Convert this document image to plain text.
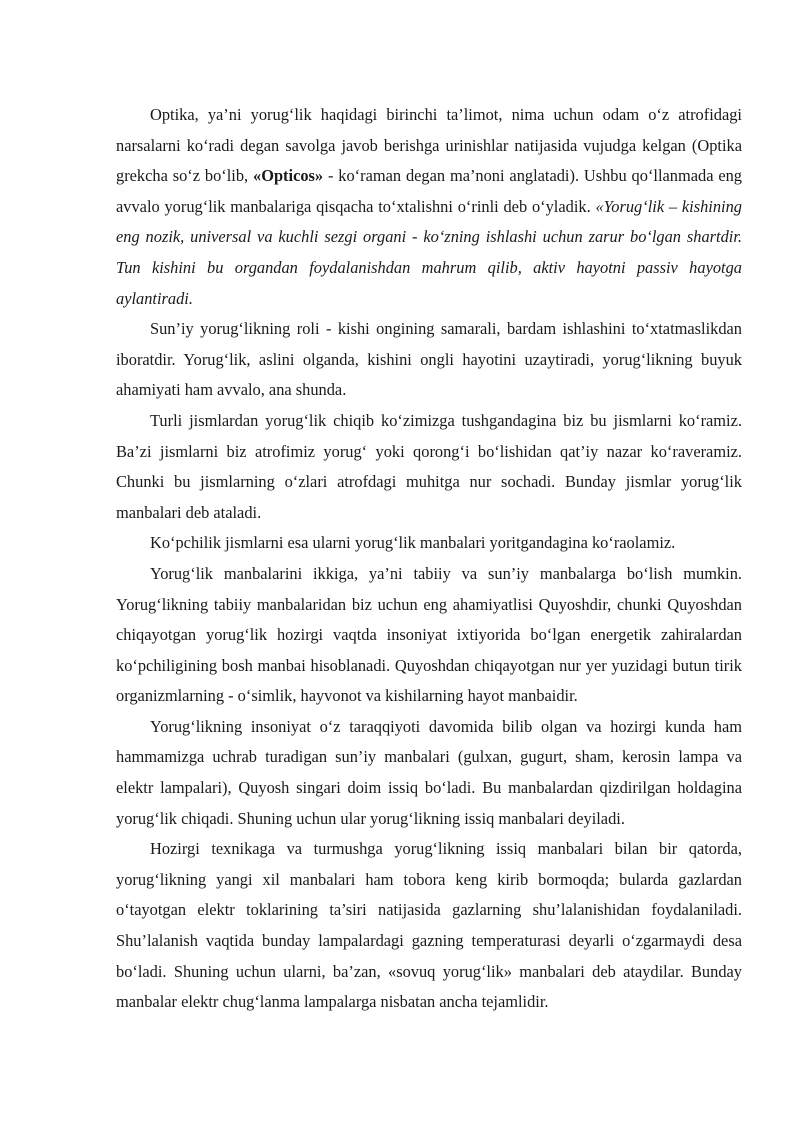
Optika, ya’ni yorug‘lik haqidagi birinchi ta’limot, nima uchun odam o‘z atrofidagi narsalarni ko‘radi degan savolga javob berishga urinishlar natijasida vujudga kelgan (Optika grekcha so‘z bo‘lib, «Opticos» - ko‘raman degan ma’noni anglatadi). Ushbu qo‘llanmada eng avvalo yorug‘lik manbalariga qisqacha to‘xtalishni o‘rinli deb o‘yladik. «Yorug‘lik – kishining eng nozik, universal va kuchli sezgi organi - ko‘zning ishlashi uchun zarur bo‘lgan shartdir. Tun kishini bu organdan foydalanishdan mahrum qilib, aktiv hayotni passiv hayotga aylantiradi.

Sun’iy yorug‘likning roli - kishi ongining samarali, bardam ishlashini to‘xtatmaslikdan iboratdir. Yorug‘lik, aslini olganda, kishini ongli hayotini uzaytiradi, yorug‘likning buyuk ahamiyati ham avvalo, ana shunda.

Turli jismlardan yorug‘lik chiqib ko‘zimizga tushgandagina biz bu jismlarni ko‘ramiz. Ba’zi jismlarni biz atrofimiz yorug‘ yoki qorong‘i bo‘lishidan qat’iy nazar ko‘raveramiz. Chunki bu jismlarning o‘zlari atrofdagi muhitga nur sochadi. Bunday jismlar yorug‘lik manbalari deb ataladi.

Ko‘pchilik jismlarni esa ularni yorug‘lik manbalari yoritgandagina ko‘raolamiz.

Yorug‘lik manbalarini ikkiga, ya’ni tabiiy va sun’iy manbalarga bo‘lish mumkin. Yorug‘likning tabiiy manbalaridan biz uchun eng ahamiyatlisi Quyoshdir, chunki Quyoshdan chiqayotgan yorug‘lik hozirgi vaqtda insoniyat ixtiyorida bo‘lgan energetik zahiralardan ko‘pchiligining bosh manbai hisoblanadi. Quyoshdan chiqayotgan nur yer yuzidagi butun tirik organizmlarning - o‘simlik, hayvonot va kishilarning hayot manbaidir.

Yorug‘likning insoniyat o‘z taraqqiyoti davomida bilib olgan va hozirgi kunda ham hammamizga uchrab turadigan sun’iy manbalari (gulxan, gugurt, sham, kerosin lampa va elektr lampalari), Quyosh singari doim issiq bo‘ladi. Bu manbalardan qizdirilgan holdagina yorug‘lik chiqadi. Shuning uchun ular yorug‘likning issiq manbalari deyiladi.

Hozirgi texnikaga va turmushga yorug‘likning issiq manbalari bilan bir qatorda, yorug‘likning yangi xil manbalari ham tobora keng kirib bormoqda; bularda gazlardan o‘tayotgan elektr toklarining ta’siri natijasida gazlarning shu’lalanishidan foydalaniladi. Shu’lalanish vaqtida bunday lampalardagi gazning temperaturasi deyarli o‘zgarmaydi desa bo‘ladi. Shuning uchun ularni, ba’zan, «sovuq yorug‘lik» manbalari deb ataydilar. Bunday manbalar elektr chug‘lanma lampalarga nisbatan ancha tejamlidir.
